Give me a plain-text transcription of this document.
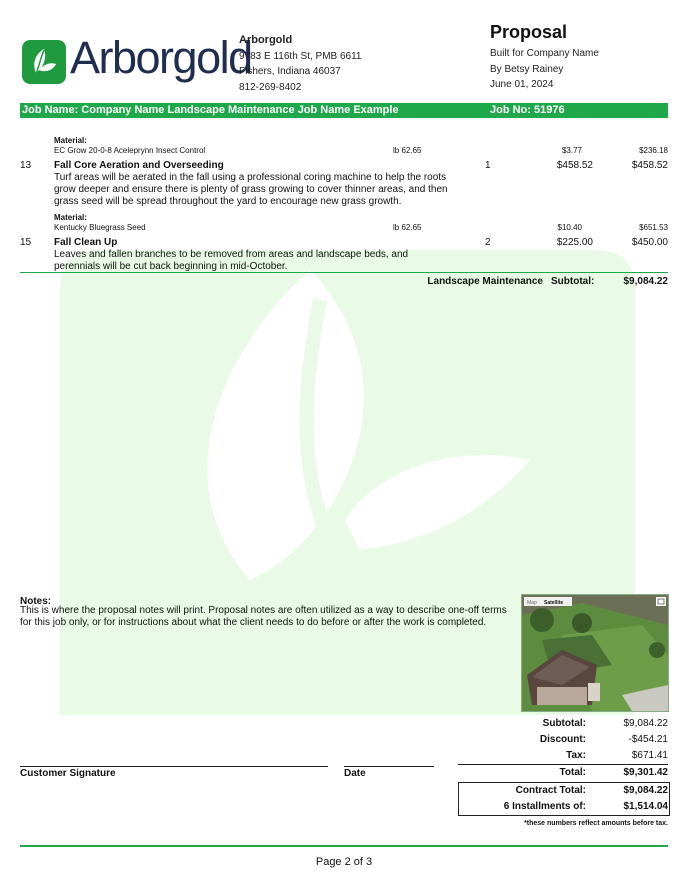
Arborgold
Arborgold
9783 E 116th St, PMB 6611
Fishers, Indiana 46037
812-269-8402
Proposal
Built for Company Name
By Betsy Rainey
June 01, 2024
Job Name: Company Name Landscape Maintenance Job Name Example	Job No: 51976
Material:
EC Grow 20-0-8 Aceleprynn Insect Control	lb 62.65	$3.77	$236.18
13 Fall Core Aeration and Overseeding
Turf areas will be aerated in the fall using a professional coring machine to help the roots grow deeper and ensure there is plenty of grass growing to cover thinner areas, and then grass seed will be spread throughout the yard to encourage new grass growth.
1	$458.52	$458.52
Material:
Kentucky Bluegrass Seed	lb 62.65	$10.40	$651.53
15 Fall Clean Up
Leaves and fallen branches to be removed from areas and landscape beds, and perennials will be cut back beginning in mid-October.
2	$225.00	$450.00
Landscape Maintenance Subtotal:	$9,084.22
Notes:
This is where the proposal notes will print. Proposal notes are often utilized as a way to describe one-off terms for this job only, or for instructions about what the client needs to do before or after the work is completed.
Map Satellite
Subtotal:	$9,084.22
Discount:	-$454.21
Tax:	$671.41
Total:	$9,301.42
Contract Total:	$9,084.22
6 Installments of:	$1,514.04
*these numbers reflect amounts before tax.
Customer Signature	Date
Page 2 of 3
